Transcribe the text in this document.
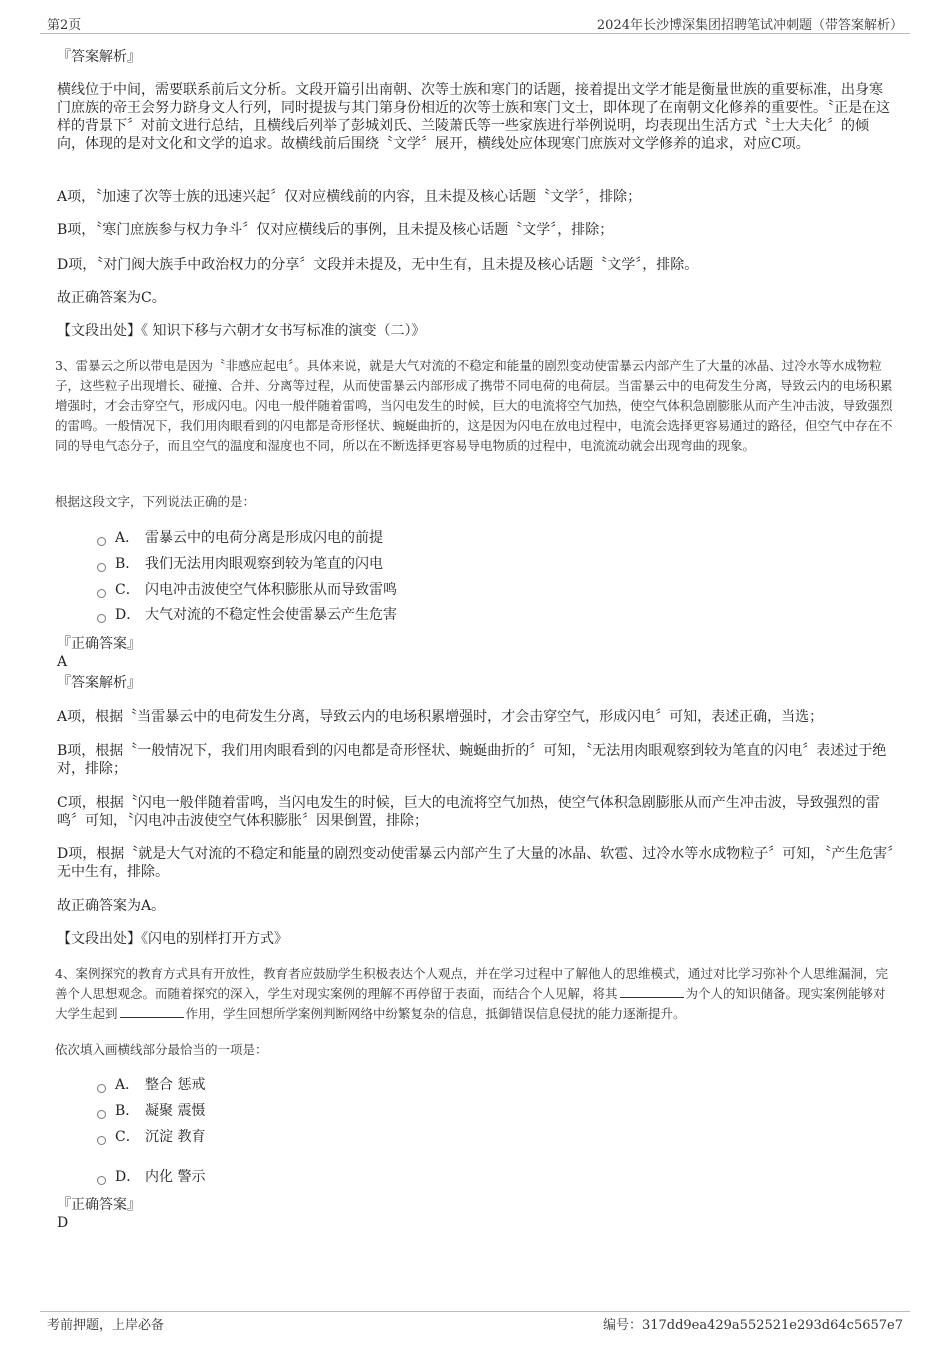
第2页	2024年长沙博深集团招聘笔试冲刺题（带答案解析）
『答案解析』
横线位于中间，需要联系前后文分析。文段开篇引出南朝、次等士族和寒门的话题，接着提出文学才能是衡量世族的重要标准，出身寒门庶族的帝王会努力跻身文人行列，同时提拔与其门第身份相近的次等士族和寒门文士，即体现了在南朝文化修养的重要性。〝正是在这样的背景下〞对前文进行总结，且横线后列举了彭城刘氏、兰陵萧氏等一些家族进行举例说明，均表现出生活方式〝士大夫化〞的倾向，体现的是对文化和文学的追求。故横线前后围绕〝文学〞展开，横线处应体现寒门庶族对文学修养的追求，对应C项。
A项，〝加速了次等士族的迅速兴起〞仅对应横线前的内容，且未提及核心话题〝文学〞，排除；
B项，〝寒门庶族参与权力争斗〞仅对应横线后的事例，且未提及核心话题〝文学〞，排除；
D项，〝对门阀大族手中政治权力的分享〞文段并未提及，无中生有，且未提及核心话题〝文学〞，排除。
故正确答案为C。
【文段出处】《 知识下移与六朝才女书写标准的演变（二）》
3、雷暴云之所以带电是因为〝非感应起电〞。具体来说，就是大气对流的不稳定和能量的剧烈变动使雷暴云内部产生了大量的冰晶、过冷水等水成物粒子，这些粒子出现增长、碰撞、合并、分离等过程，从而使雷暴云内部形成了携带不同电荷的电荷层。当雷暴云中的电荷发生分离，导致云内的电场积累增强时，才会击穿空气，形成闪电。闪电一般伴随着雷鸣，当闪电发生的时候，巨大的电流将空气加热，使空气体积急剧膨胀从而产生冲击波，导致强烈的雷鸣。一般情况下，我们用肉眼看到的闪电都是奇形怪状、蜿蜒曲折的，这是因为闪电在放电过程中，电流会选择更容易通过的路径，但空气中存在不同的导电气态分子，而且空气的温度和湿度也不同，所以在不断选择更容易导电物质的过程中，电流流动就会出现弯曲的现象。
根据这段文字，下列说法正确的是：
A． 雷暴云中的电荷分离是形成闪电的前提
B． 我们无法用肉眼观察到较为笔直的闪电
C． 闪电冲击波使空气体积膨胀从而导致雷鸣
D． 大气对流的不稳定性会使雷暴云产生危害
『正确答案』
A
『答案解析』
A项，根据〝当雷暴云中的电荷发生分离，导致云内的电场积累增强时，才会击穿空气，形成闪电〞可知，表述正确，当选；
B项，根据〝一般情况下，我们用肉眼看到的闪电都是奇形怪状、蜿蜒曲折的〞可知，〝无法用肉眼观察到较为笔直的闪电〞表述过于绝对，排除；
C项，根据〝闪电一般伴随着雷鸣，当闪电发生的时候，巨大的电流将空气加热，使空气体积急剧膨胀从而产生冲击波，导致强烈的雷鸣〞可知，〝闪电冲击波使空气体积膨胀〞因果倒置，排除；
D项，根据〝就是大气对流的不稳定和能量的剧烈变动使雷暴云内部产生了大量的冰晶、软雹、过冷水等水成物粒子〞可知，〝产生危害〞无中生有，排除。
故正确答案为A。
【文段出处】《闪电的别样打开方式》
4、案例探究的教育方式具有开放性，教育者应鼓励学生积极表达个人观点，并在学习过程中了解他人的思维模式，通过对比学习弥补个人思维漏洞，完善个人思想观念。而随着探究的深入，学生对现实案例的理解不再停留于表面，而结合个人见解，将其	为个人的知识储备。现实案例能够对大学生起到	作用，学生回想所学案例判断网络中纷繁复杂的信息，抵御错误信息侵扰的能力逐渐提升。
依次填入画横线部分最恰当的一项是：
A． 整合 惩戒
B． 凝聚 震慑
C． 沉淀 教育
D． 内化 警示
『正确答案』
D
考前押题，上岸必备	编号：317dd9ea429a552521e293d64c5657e7
